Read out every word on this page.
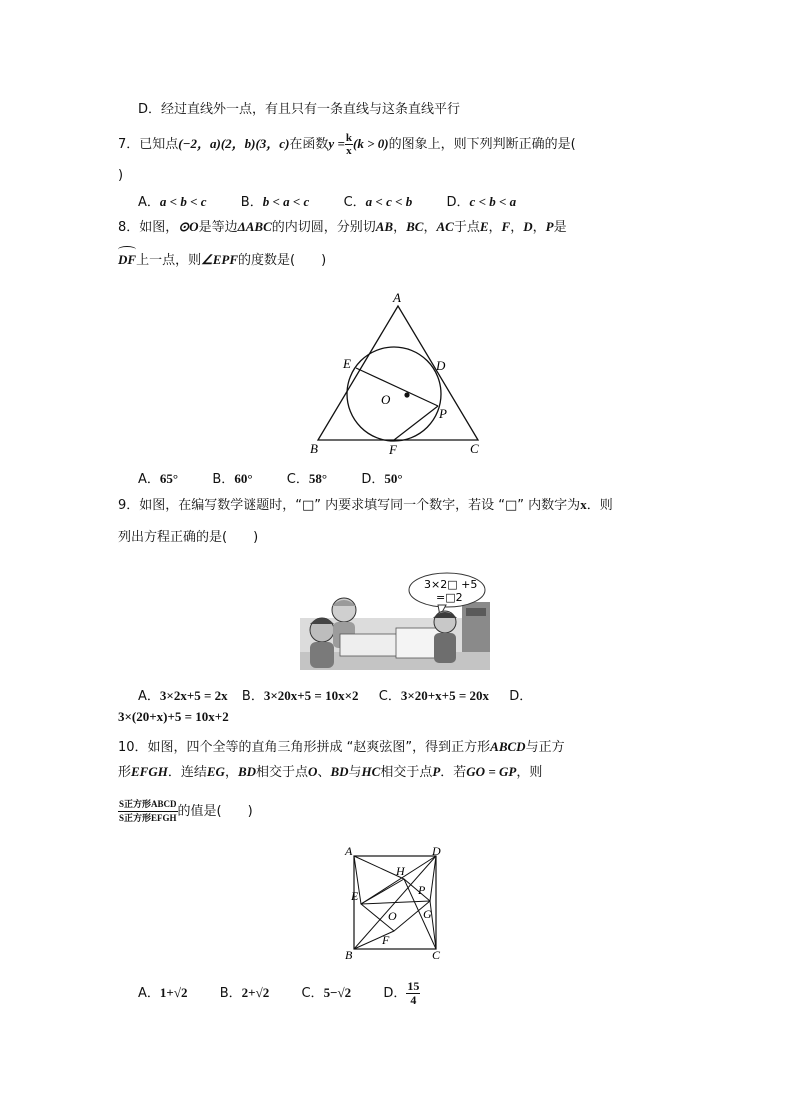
D．经过直线外一点，有且只有一条直线与这条直线平行
7．已知点(−2，a)(2，b)(3，c)在函数$y = \frac{k}{x} (k > 0)$的图象上，则下列判断正确的是(
)
A．a < b < c	B．b < a < c	C．a < c < b	D．c < b < a
8．如图，⊙O是等边ΔABC的内切圆，分别切AB，BC，AC于点E，F，D，P是
DF上一点，则∠EPF的度数是(　　)
A
B	C
D
E
F
O
P
A．65°	B．60°	C．58°	D．50°
9．如图，在编写数学谜题时，“□” 内要求填写同一个数字，若设 “□” 内数字为x．则
列出方程正确的是(　　)
3×2□ +5
=□2
A．3×2x+5 = 2x B．3×20x+5 = 10x×2 C．3×20+x+5 = 20x D．
3×(20+x)+5 = 10x+2
10．如图，四个全等的直角三角形拼成 “赵爽弦图”，得到正方形ABCD与正方
形EFGH．连结EG，BD相交于点O、BD与HC相交于点P．若GO = GP，则
$\frac{\text{S正方形ABCD}}{\text{S正方形EFGH}}$ 的值是(　　)
A
B	C
D
E
F
G
H
O
P
A．1+√2 B．2+√2 C．5−√2 D． $\frac{15}{4}$
